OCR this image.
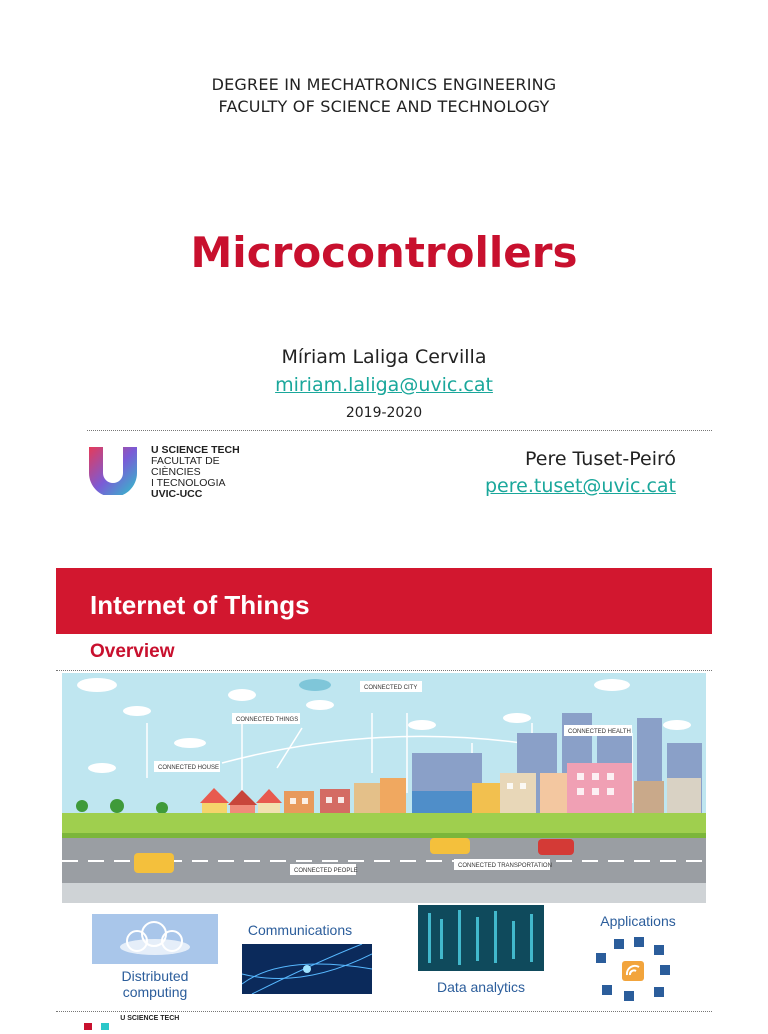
DEGREE IN MECHATRONICS ENGINEERING
FACULTY OF SCIENCE AND TECHNOLOGY
Microcontrollers
Míriam Laliga Cervilla
miriam.laliga@uvic.cat
2019-2020
U SCIENCE TECH
FACULTAT DE CIÈNCIES
I TECNOLOGIA
UVIC-UCC
Pere Tuset-Peiró
pere.tuset@uvic.cat
Internet of Things
Overview
CONNECTED CITY
CONNECTED THINGS
CONNECTED HOUSE
CONNECTED HEALTH
CONNECTED PEOPLE
CONNECTED TRANSPORTATION
Distributed
computing
Communications
Data analytics
Applications
$^{U SCIENCE TECH}$
